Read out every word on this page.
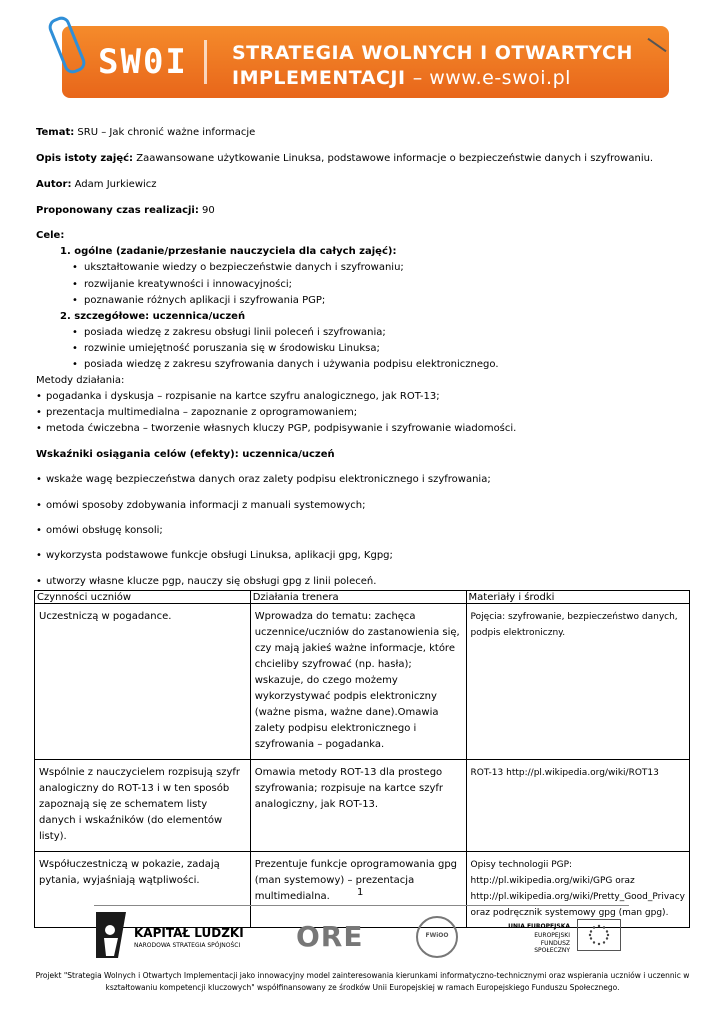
SW0I STRATEGIA WOLNYCH I OTWARTYCH
IMPLEMENTACJI – www.e-swoi.pl
Temat: SRU – Jak chronić ważne informacje
Opis istoty zajęć: Zaawansowane użytkowanie Linuksa, podstawowe informacje o bezpieczeństwie danych i szyfrowaniu.
Autor: Adam Jurkiewicz
Proponowany czas realizacji: 90
Cele:
1. ogólne (zadanie/przesłanie nauczyciela dla całych zajęć):
• ukształtowanie wiedzy o bezpieczeństwie danych i szyfrowaniu;
• rozwijanie kreatywności i innowacyjności;
• poznawanie różnych aplikacji i szyfrowania PGP;
2. szczegółowe: uczennica/uczeń
• posiada wiedzę z zakresu obsługi linii poleceń i szyfrowania;
• rozwinie umiejętność poruszania się w środowisku Linuksa;
• posiada wiedzę z zakresu szyfrowania danych i używania podpisu elektronicznego.
Metody działania:
• pogadanka i dyskusja – rozpisanie na kartce szyfru analogicznego, jak ROT-13;
• prezentacja multimedialna – zapoznanie z oprogramowaniem;
• metoda ćwiczebna – tworzenie własnych kluczy PGP, podpisywanie i szyfrowanie wiadomości.
Wskaźniki osiągania celów (efekty): uczennica/uczeń
• wskaże wagę bezpieczeństwa danych oraz zalety podpisu elektronicznego i szyfrowania;
• omówi sposoby zdobywania informacji z manuali systemowych;
• omówi obsługę konsoli;
• wykorzysta podstawowe funkcje obsługi Linuksa, aplikacji gpg, Kgpg;
• utworzy własne klucze pgp, nauczy się obsługi gpg z linii poleceń.
Czynności uczniów	Działania trenera	Materiały i środki
Uczestniczą w pogadance.	Wprowadza do tematu: zachęca uczennice/uczniów do zastanowienia się, czy mają jakieś ważne informacje, które chcieliby szyfrować (np. hasła); wskazuje, do czego możemy wykorzystywać podpis elektroniczny (ważne pisma, ważne dane).Omawia zalety podpisu elektronicznego i szyfrowania – pogadanka.	Pojęcia: szyfrowanie, bezpieczeństwo danych, podpis elektroniczny.
Wspólnie z nauczycielem rozpisują szyfr analogiczny do ROT-13 i w ten sposób zapoznają się ze schematem listy danych i wskaźników (do elementów listy).	Omawia metody ROT-13 dla prostego szyfrowania; rozpisuje na kartce szyfr analogiczny, jak ROT-13.	ROT-13 http://pl.wikipedia.org/wiki/ROT13
Współuczestniczą w pokazie, zadają pytania, wyjaśniają wątpliwości.	Prezentuje funkcje oprogramowania gpg (man systemowy) – prezentacja multimedialna.	Opisy technologii PGP: http://pl.wikipedia.org/wiki/GPG oraz http://pl.wikipedia.org/wiki/Pretty_Good_Privacy oraz podręcznik systemowy gpg (man gpg).
1
KAPITAŁ LUDZKI
NARODOWA STRATEGIA SPÓJNOŚCI ORE	FWiOO
UNIA EUROPEJSKA
EUROPEJSKI
FUNDUSZ SPOŁECZNY
Projekt "Strategia Wolnych i Otwartych Implementacji jako innowacyjny model zainteresowania kierunkami informatyczno-technicznymi oraz wspierania uczniów i uczennic w kształtowaniu kompetencji kluczowych" współfinansowany ze środków Unii Europejskiej w ramach Europejskiego Funduszu Społecznego.
